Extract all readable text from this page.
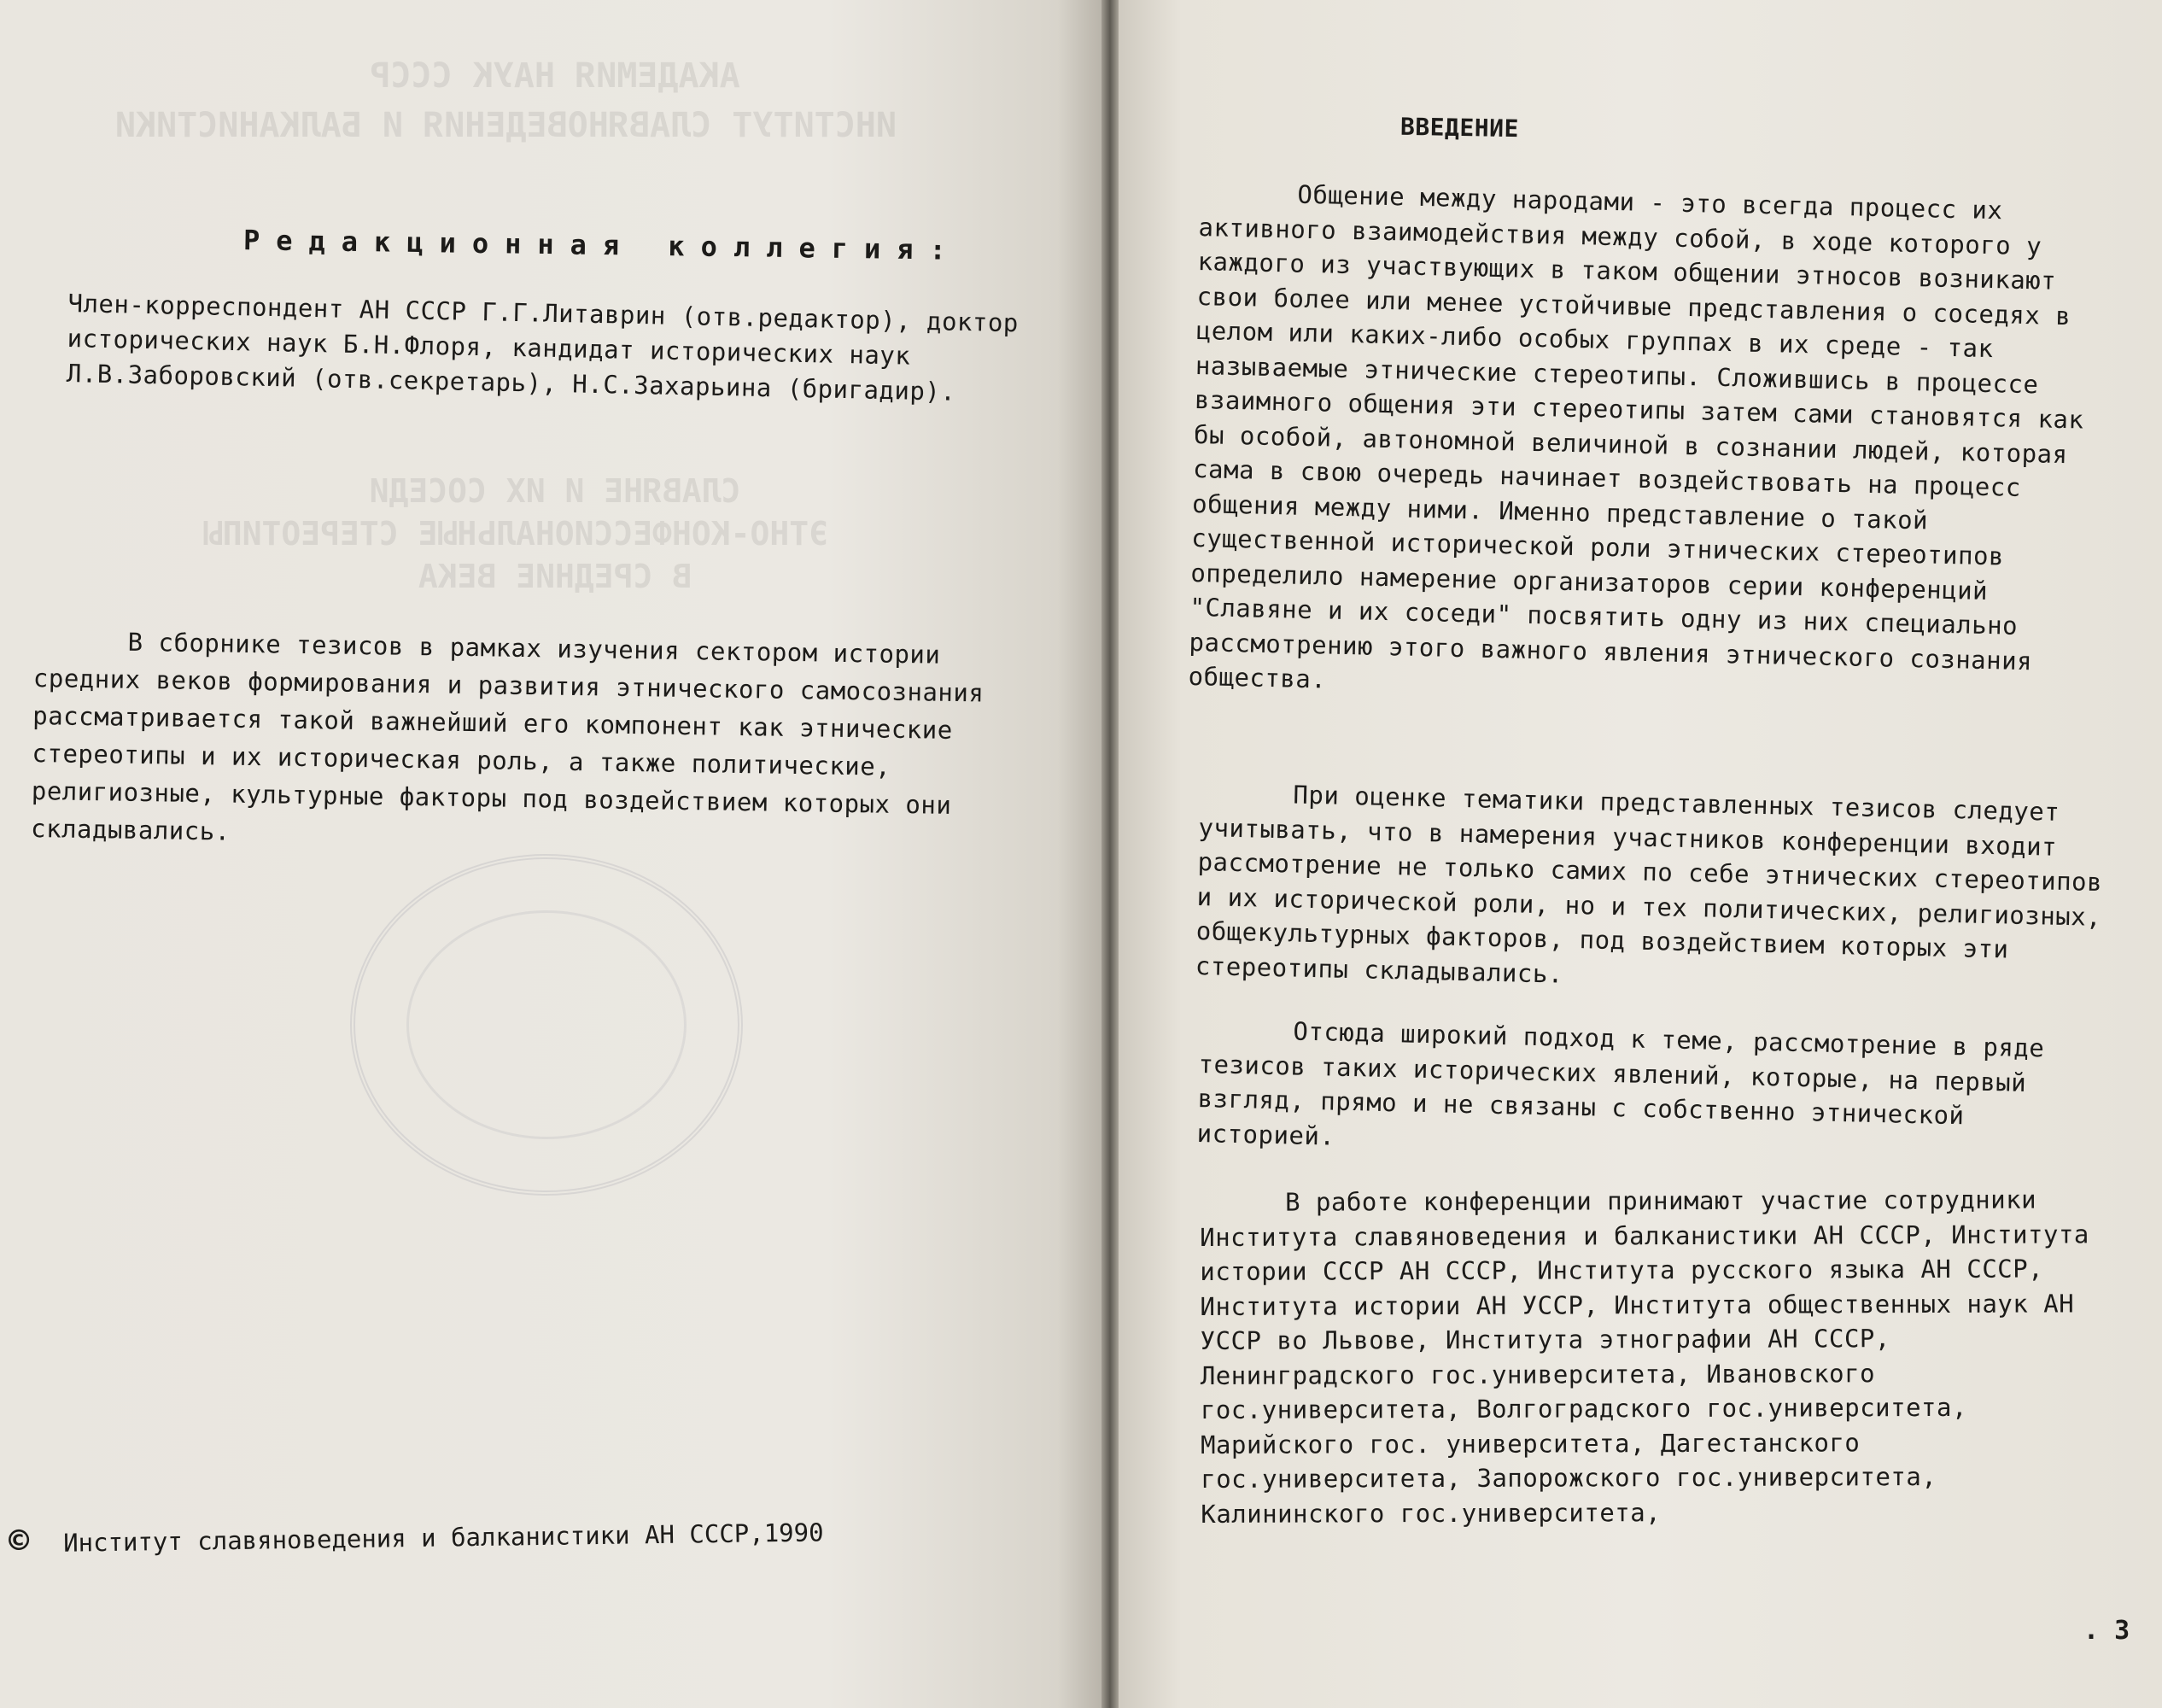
АКАДЕМИЯ НАУК СССР
ИНСТИТУТ СЛАВЯНОВЕДЕНИЯ И БАЛКАНИСТИКИ
СЛАВЯНЕ И ИХ СОСЕДИ
ЭТНО-КОНФЕССИОНАЛЬНЫЕ СТЕРЕОТИПЫ
В СРЕДНИЕ ВЕКА
Редакционная коллегия:
Член-корреспондент АН СССР Г.Г.Литаврин (отв.редактор), доктор исторических наук Б.Н.Флоря, кандидат исторических наук Л.В.Заборовский (отв.секретарь), Н.С.Захарьина (бригадир).
В сборнике тезисов в рамках изучения сектором истории средних веков формирования и развития этнического самосознания рассматривается такой важнейший его компонент как этнические стереотипы и их историческая роль, а также политические, религиозные, культурные факторы под воздействием которых они складывались.
© Институт славяноведения и балканистики АН СССР,1990
ВВЕДЕНИЕ
Общение между народами - это всегда процесс их активного взаимодействия между собой, в ходе которого у каждого из участвующих в таком общении этносов возникают свои более или менее устойчивые представления о соседях в целом или каких-либо особых группах в их среде - так называемые этнические стереотипы. Сложившись в процессе взаимного общения эти стереотипы затем сами становятся как бы особой, автономной величиной в сознании людей, которая сама в свою очередь начинает воздействовать на процесс общения между ними. Именно представление о такой существенной исторической роли этнических стереотипов определило намерение организаторов серии конференций "Славяне и их соседи" посвятить одну из них специально рассмотрению этого важного явления этнического сознания общества.
При оценке тематики представленных тезисов следует учитывать, что в намерения участников конференции входит рассмотрение не только самих по себе этнических стереотипов и их исторической роли, но и тех политических, религиозных, общекультурных факторов, под воздействием которых эти стереотипы складывались.
Отсюда широкий подход к теме, рассмотрение в ряде тезисов таких исторических явлений, которые, на первый взгляд, прямо и не связаны с собственно этнической историей.
В работе конференции принимают участие сотрудники Института славяноведения и балканистики АН СССР, Института истории СССР АН СССР, Института русского языка АН СССР, Института истории АН УССР, Института общественных наук АН УССР во Львове, Института этнографии АН СССР, Ленинградского гос.университета, Ивановского гос.университета, Волгоградского гос.университета, Марийского гос. университета, Дагестанского гос.университета, Запорожского гос.университета, Калининского гос.университета,
. 3
